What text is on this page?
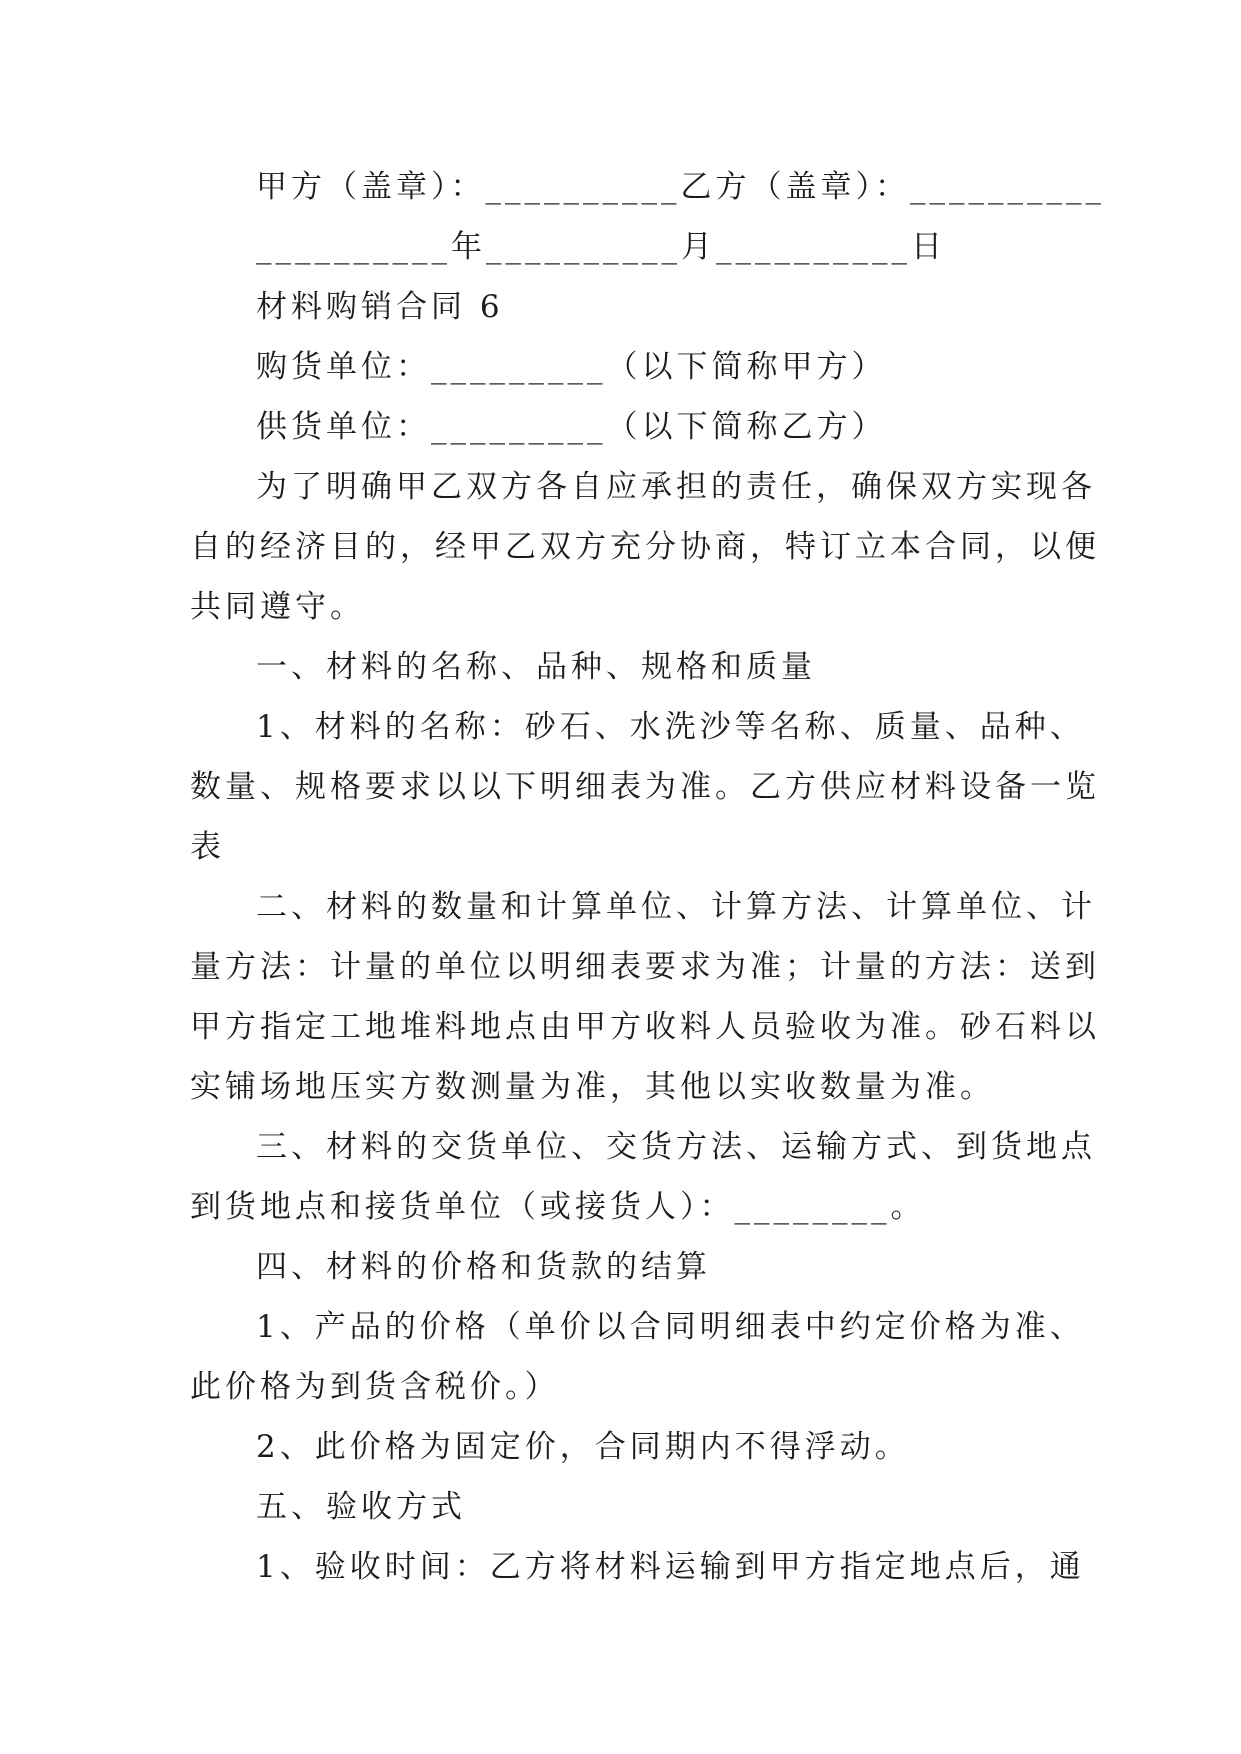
甲方（盖章）：__________乙方（盖章）：__________
__________年__________月__________日
材料购销合同 6
购货单位：_________（以下简称甲方）
供货单位：_________（以下简称乙方）
为了明确甲乙双方各自应承担的责任，确保双方实现各
自的经济目的，经甲乙双方充分协商，特订立本合同，以便
共同遵守。
一、材料的名称、品种、规格和质量
1、材料的名称：砂石、水洗沙等名称、质量、品种、
数量、规格要求以以下明细表为准。乙方供应材料设备一览
表
二、材料的数量和计算单位、计算方法、计算单位、计
量方法：计量的单位以明细表要求为准；计量的方法：送到
甲方指定工地堆料地点由甲方收料人员验收为准。砂石料以
实铺场地压实方数测量为准，其他以实收数量为准。
三、材料的交货单位、交货方法、运输方式、到货地点
到货地点和接货单位（或接货人）：________。
四、材料的价格和货款的结算
1、产品的价格（单价以合同明细表中约定价格为准、
此价格为到货含税价。）
2、此价格为固定价，合同期内不得浮动。
五、验收方式
1、验收时间：乙方将材料运输到甲方指定地点后，通
